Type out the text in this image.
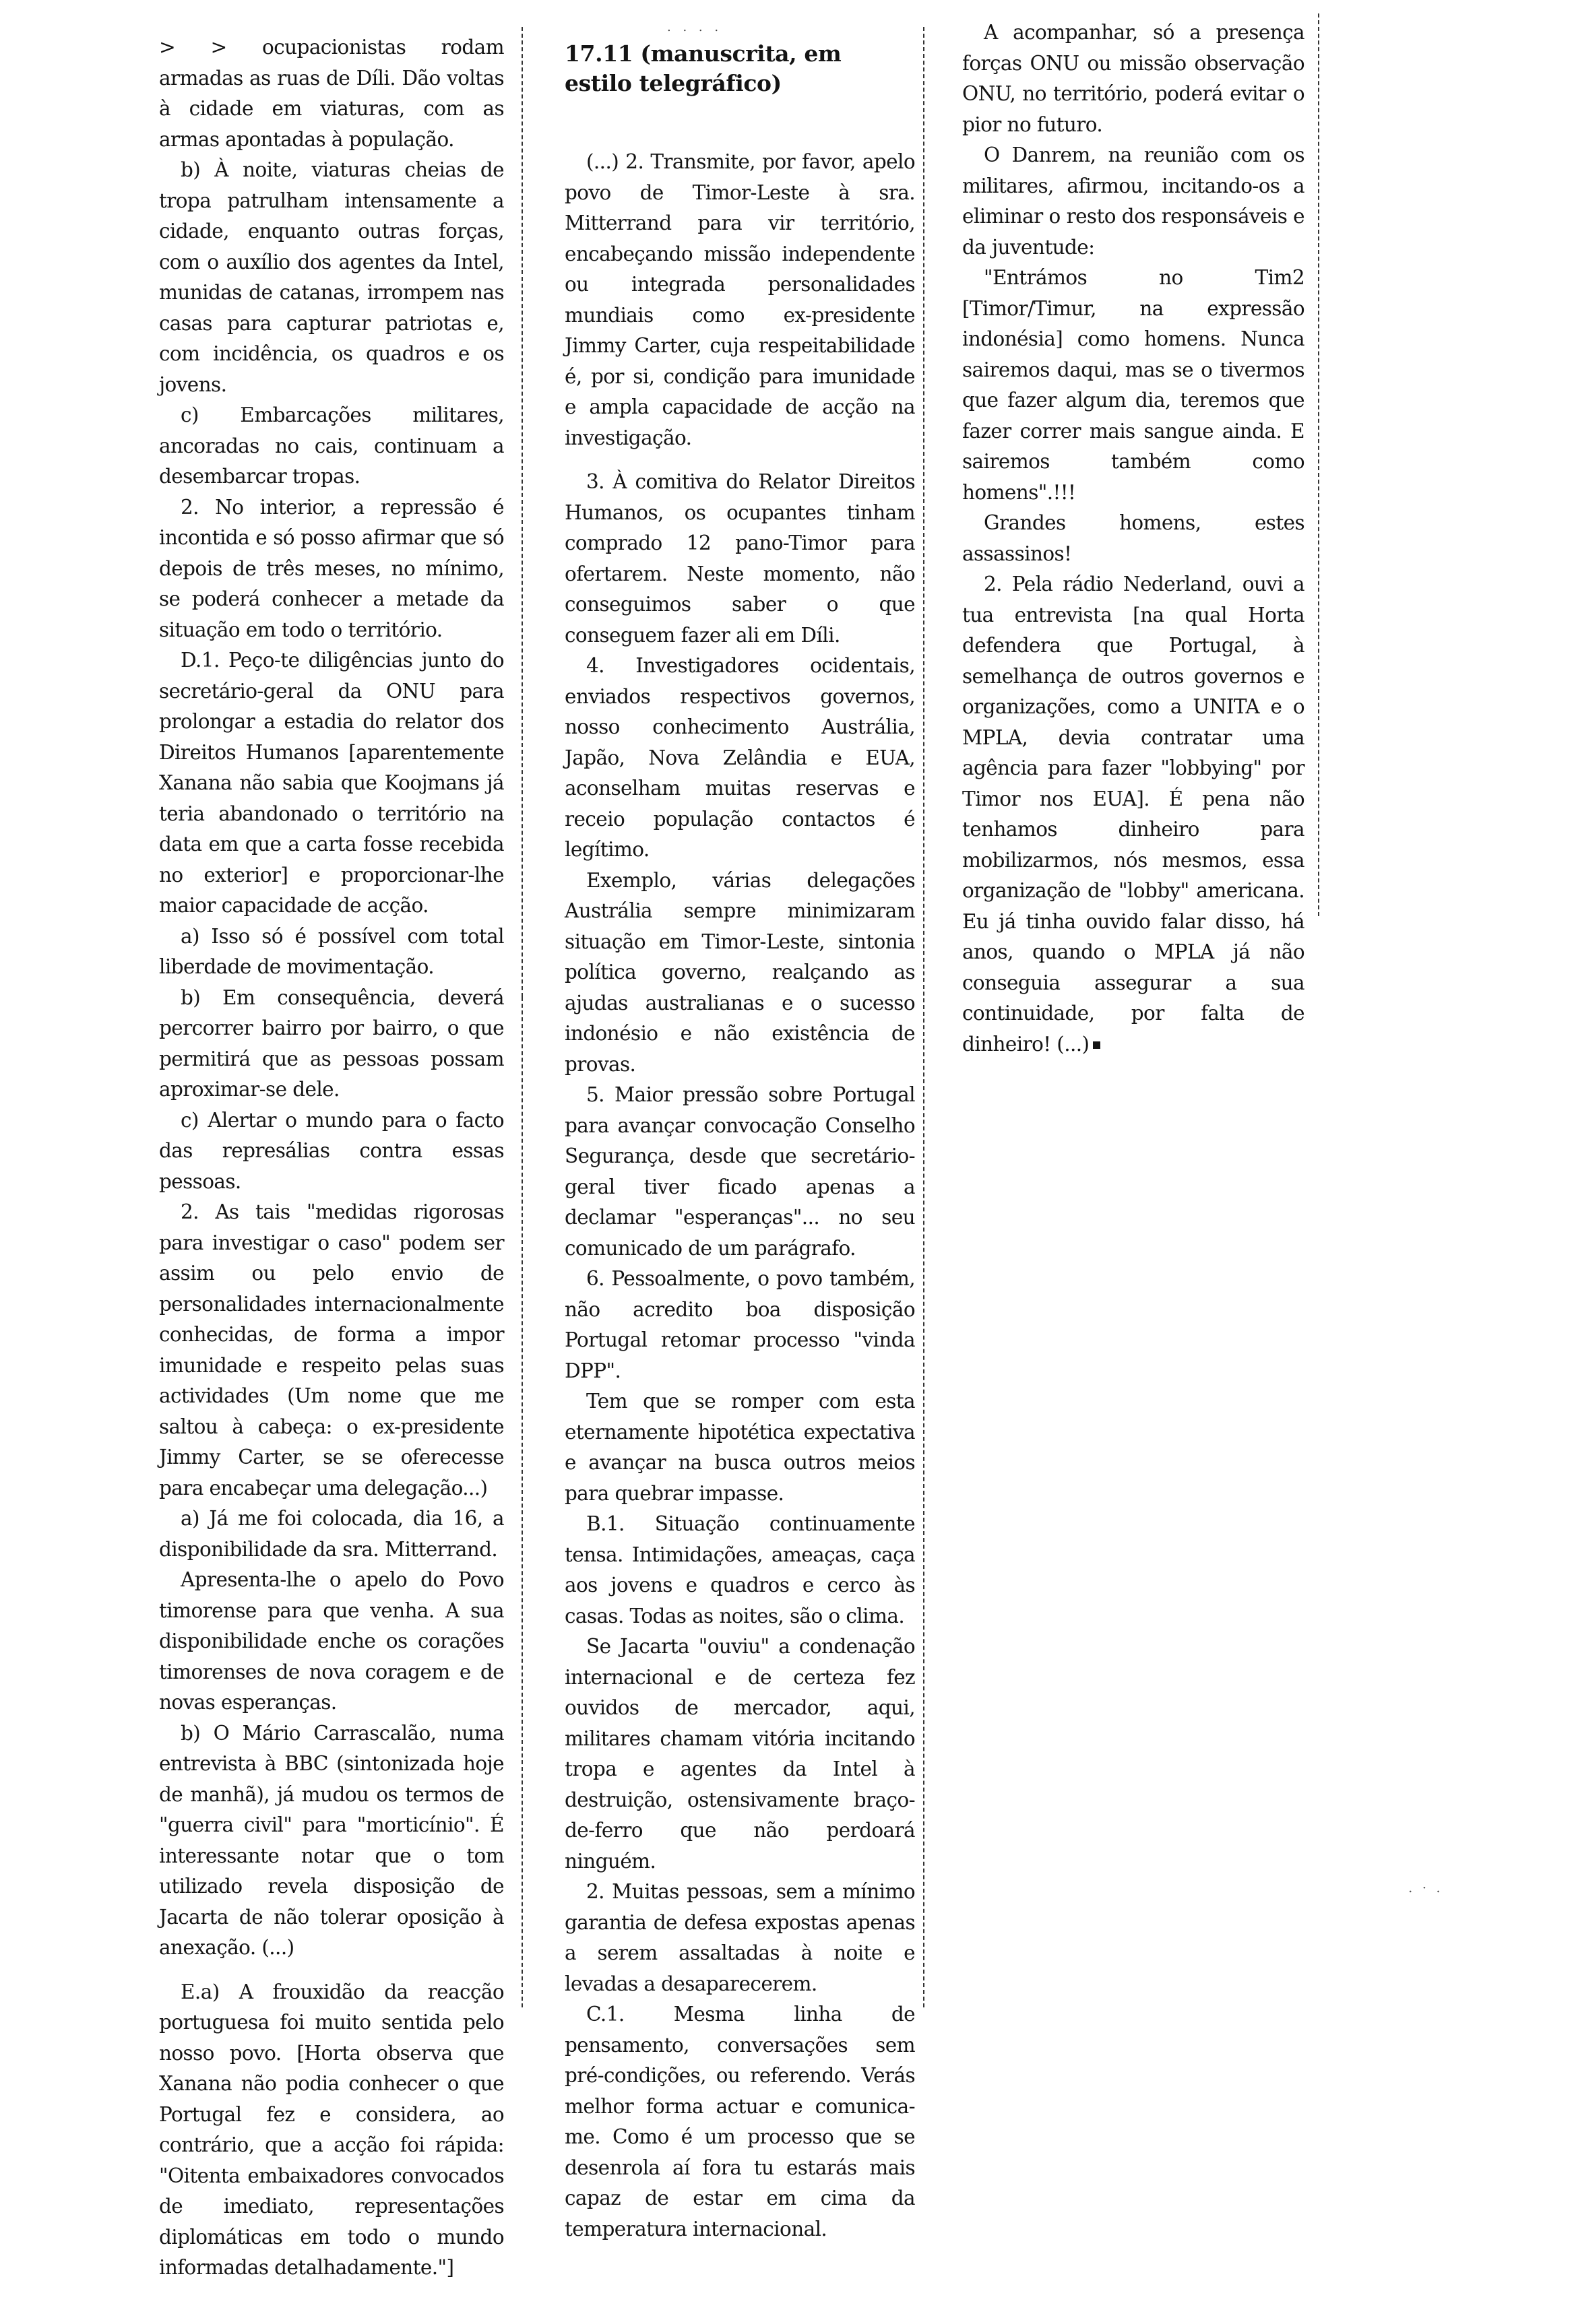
. . . .

> > ocupacionistas rodam armadas as ruas de Díli. Dão voltas à cidade em viaturas, com as armas apontadas à população.

b) À noite, viaturas cheias de tropa patrulham intensamente a cidade, enquanto outras forças, com o auxílio dos agentes da Intel, munidas de catanas, irrompem nas casas para capturar patriotas e, com incidência, os quadros e os jovens.

c) Embarcações militares, ancoradas no cais, continuam a desembarcar tropas.

2. No interior, a repressão é incontida e só posso afirmar que só depois de três meses, no mínimo, se poderá conhecer a metade da situação em todo o território.

D.1. Peço-te diligências junto do secretário-geral da ONU para prolongar a estadia do relator dos Direitos Humanos [aparentemente Xanana não sabia que Koojmans já teria abandonado o território na data em que a carta fosse recebida no exterior] e proporcionar-lhe maior capacidade de acção.

a) Isso só é possível com total liberdade de movimentação.

b) Em consequência, deverá percorrer bairro por bairro, o que permitirá que as pessoas possam aproximar-se dele.

c) Alertar o mundo para o facto das represálias contra essas pessoas.

2. As tais "medidas rigorosas para investigar o caso" podem ser assim ou pelo envio de personalidades internacionalmente conhecidas, de forma a impor imunidade e respeito pelas suas actividades (Um nome que me saltou à cabeça: o ex-presidente Jimmy Carter, se se oferecesse para encabeçar uma delegação...)

a) Já me foi colocada, dia 16, a disponibilidade da sra. Mitterrand.

Apresenta-lhe o apelo do Povo timorense para que venha. A sua disponibilidade enche os corações timorenses de nova coragem e de novas esperanças.

b) O Mário Carrascalão, numa entrevista à BBC (sintonizada hoje de manhã), já mudou os termos de "guerra civil" para "morticínio". É interessante notar que o tom utilizado revela disposição de Jacarta de não tolerar oposição à anexação. (...)

E.a) A frouxidão da reacção portuguesa foi muito sentida pelo nosso povo. [Horta observa que Xanana não podia conhecer o que Portugal fez e considera, ao contrário, que a acção foi rápida: "Oitenta embaixadores convocados de imediato, representações diplomáticas em todo o mundo informadas detalhadamente."]

17.11 (manuscrita, em estilo telegráfico)

(...) 2. Transmite, por favor, apelo povo de Timor-Leste à sra. Mitterrand para vir território, encabeçando missão independente ou integrada personalidades mundiais como ex-presidente Jimmy Carter, cuja respeitabilidade é, por si, condição para imunidade e ampla capacidade de acção na investigação.

3. À comitiva do Relator Direitos Humanos, os ocupantes tinham comprado 12 pano-Timor para ofertarem. Neste momento, não conseguimos saber o que conseguem fazer ali em Díli.

4. Investigadores ocidentais, enviados respectivos governos, nosso conhecimento Austrália, Japão, Nova Zelândia e EUA, aconselham muitas reservas e receio população contactos é legítimo.

Exemplo, várias delegações Austrália sempre minimizaram situação em Timor-Leste, sintonia política governo, realçando as ajudas australianas e o sucesso indonésio e não existência de provas.

5. Maior pressão sobre Portugal para avançar convocação Conselho Segurança, desde que secretário-geral tiver ficado apenas a declamar "esperanças"... no seu comunicado de um parágrafo.

6. Pessoalmente, o povo também, não acredito boa disposição Portugal retomar processo "vinda DPP".

Tem que se romper com esta eternamente hipotética expectativa e avançar na busca outros meios para quebrar impasse.

B.1. Situação continuamente tensa. Intimidações, ameaças, caça aos jovens e quadros e cerco às casas. Todas as noites, são o clima.

Se Jacarta "ouviu" a condenação internacional e de certeza fez ouvidos de mercador, aqui, militares chamam vitória incitando tropa e agentes da Intel à destruição, ostensivamente braço-de-ferro que não perdoará ninguém.

2. Muitas pessoas, sem a mínimo garantia de defesa expostas apenas a serem assaltadas à noite e levadas a desaparecerem.

C.1. Mesma linha de pensamento, conversações sem pré-condições, ou referendo. Verás melhor forma actuar e comunica-me. Como é um processo que se desenrola aí fora tu estarás mais capaz de estar em cima da temperatura internacional.

A acompanhar, só a presença forças ONU ou missão observação ONU, no território, poderá evitar o pior no futuro.

O Danrem, na reunião com os militares, afirmou, incitando-os a eliminar o resto dos responsáveis e da juventude:

"Entrámos no Tim2 [Timor/Timur, na expressão indonésia] como homens. Nunca sairemos daqui, mas se o tivermos que fazer algum dia, teremos que fazer correr mais sangue ainda. E sairemos também como homens".!!!

Grandes homens, estes assassinos!

2. Pela rádio Nederland, ouvi a tua entrevista [na qual Horta defendera que Portugal, à semelhança de outros governos e organizações, como a UNITA e o MPLA, devia contratar uma agência para fazer "lobbying" por Timor nos EUA]. É pena não tenhamos dinheiro para mobilizarmos, nós mesmos, essa organização de "lobby" americana. Eu já tinha ouvido falar disso, há anos, quando o MPLA já não conseguia assegurar a sua continuidade, por falta de dinheiro! (...)

. · .
